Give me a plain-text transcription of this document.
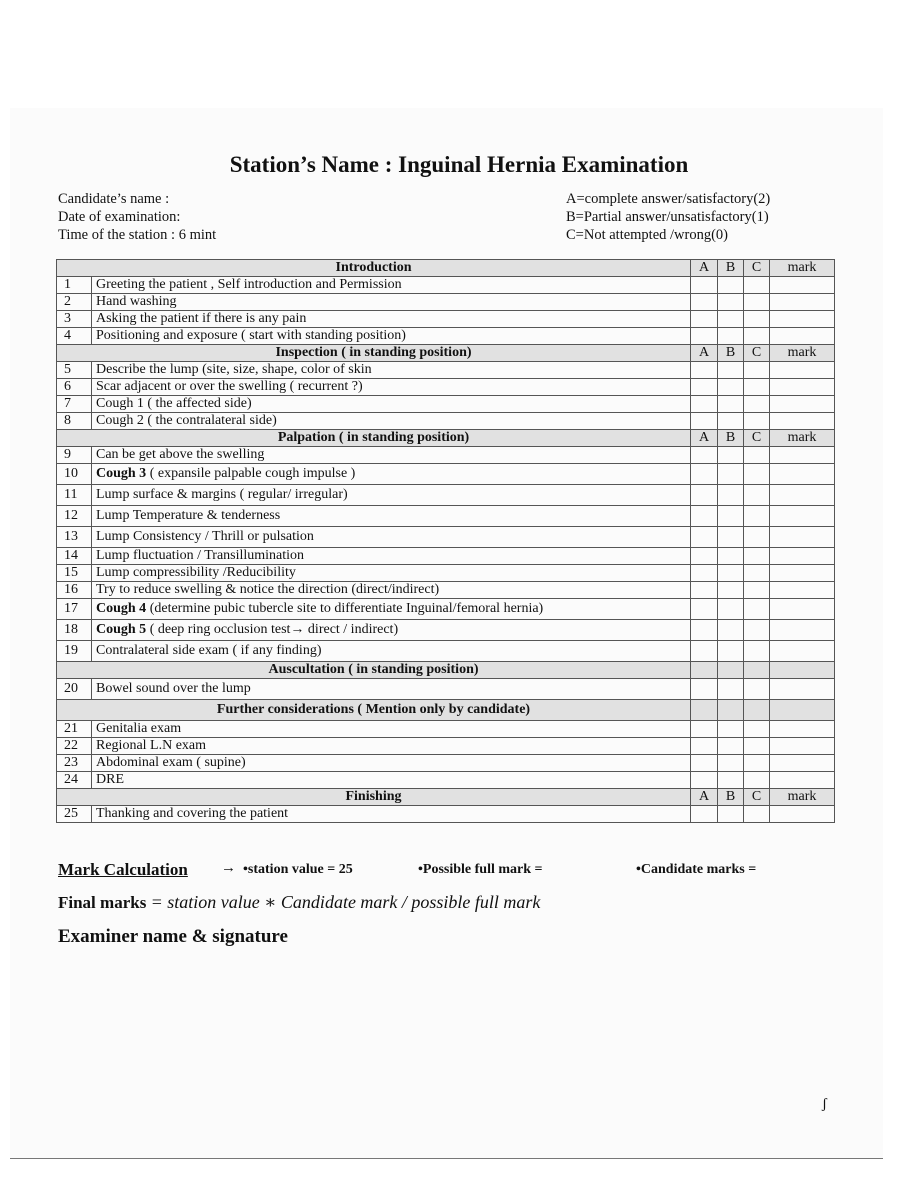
Station’s Name : Inguinal Hernia Examination
Candidate’s name :
Date of examination:
Time of the station : 6 mint
A=complete answer/satisfactory(2)
B=Partial answer/unsatisfactory(1)
C=Not attempted /wrong(0)
Introduction		A	B	C	mark
1	Greeting the patient , Self introduction and Permission				
2	Hand washing				
3	Asking the patient if there is any pain				
4	Positioning and exposure ( start with standing position)				
Inspection ( in standing position)		A	B	C	mark
5	Describe the lump (site, size, shape, color of skin				
6	Scar adjacent or over the swelling ( recurrent ?)				
7	Cough 1 ( the affected side)				
8	Cough 2 ( the contralateral side)				
Palpation ( in standing position)		A	B	C	mark
9	Can be get above the swelling				
10	Cough 3 ( expansile palpable cough impulse )				
11	Lump surface & margins ( regular/ irregular)				
12	Lump Temperature & tenderness				
13	Lump Consistency / Thrill or pulsation				
14	Lump fluctuation / Transillumination				
15	Lump compressibility /Reducibility				
16	Try to reduce swelling & notice the direction (direct/indirect)				
17	Cough 4 (determine pubic tubercle site to differentiate Inguinal/femoral hernia)				
18	Cough 5 ( deep ring occlusion test→ direct / indirect)				
19	Contralateral side exam ( if any finding)				
Auscultation ( in standing position)					
20	Bowel sound over the lump				
Further considerations ( Mention only by candidate)					
21	Genitalia exam				
22	Regional L.N exam				
23	Abdominal exam ( supine)				
24	DRE				
Finishing		A	B	C	mark
25	Thanking and covering the patient				
Mark Calculation → •station value = 25	•Possible full mark =	•Candidate marks =
Final marks = station value ∗ Candidate mark / possible full mark
Examiner name & signature
ʃ
